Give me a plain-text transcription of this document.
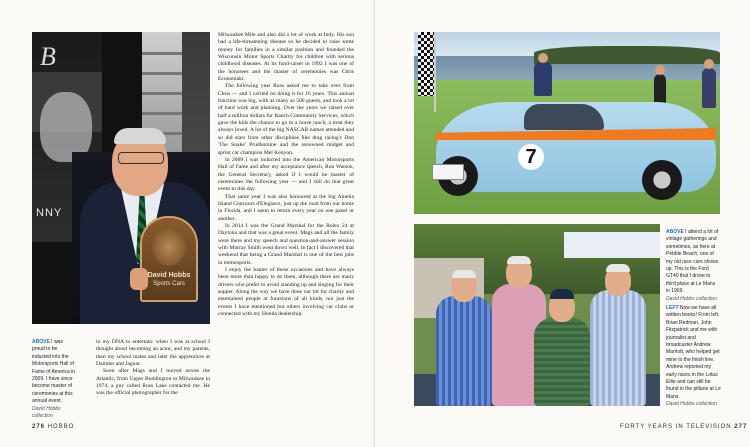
B
NNY
David Hobbs
Sports Cars

Milwaukee Mile and also did a lot of work at Indy. His son had a life-threatening disease so he decided to raise some money for families in a similar position and founded the Wisconsin Motor Sports Charity for children with serious childhood diseases. At its fund-raiser in 1992 I was one of the honorees and the master of ceremonies was Chris Economaki.

The following year Russ asked me to take over from Chris — and I carried on doing it for 16 years. This annual function was big, with as many as 500 guests, and took a lot of hard work and planning. Over the years we raised over half a million dollars for Ranch Community Services, which gave the kids the chance to go to a horse ranch, a treat they always loved. A lot of the big NASCAR names attended and so did stars from other disciplines like drag racing's Don 'The Snake' Prudhomme and the renowned midget and sprint car champion Mel Kenyon.

In 2009 I was inducted into the American Motorsports Hall of Fame and after my acceptance speech, Ron Watson, the General Secretary, asked if I would be master of ceremonies the following year — and I still do that great event to this day.

That same year I was also honoured at the big Amelia Island Concours d'Elegance, just up the road from our home in Florida, and I seem to return every year on one panel or another.

In 2014 I was the Grand Marshal for the Rolex 24 at Daytona and that was a great event. Mags and all the family were there and my speech and question-and-answer session with Murray Smith went down well. In fact I discovered that weekend that being a Grand Marshal is one of the best jobs in motorsports.

I enjoy the banter of these occasions and have always been more than happy to do them, although there are many drivers who prefer to avoid standing up and singing for their supper. Along the way we have done our bit for charity and entertained people at functions of all kinds, not just the events I have mentioned but others involving car clubs or connected with my Honda dealership.

ABOVE I was proud to be inducted into the Motorsports Hall of Fame of America in 2009. I have since become master of ceremonies at this annual event.
David Hobbs collection

in my DNA to entertain: when I was at school I thought about becoming an actor, and my parents, then my school mates and later the apprentices at Daimler and Jaguar.

Soon after Mags and I moved across the Atlantic, from Upper Boddington to Milwaukee in 1974, a guy called Russ Lake contacted me. He was the official photographer for the

276 HOBBO
7
ABOVE I attend a lot of vintage gatherings and sometimes, as here at Pebble Beach, one of my old race cars shows up. This is the Ford GT40 that I drove to third place at Le Mans in 1969.
David Hobbs collection
LEFT Now we have all written books! From left, Brian Redman, John Fitzpatrick and me with journalist and broadcaster Andrew Marriott, who helped get mine to the finish line. Andrew reported my early races in the Lotus Elite and can still be found in the pitlane at Le Mans.
David Hobbs collection
FORTY YEARS IN TELEVISION 277
